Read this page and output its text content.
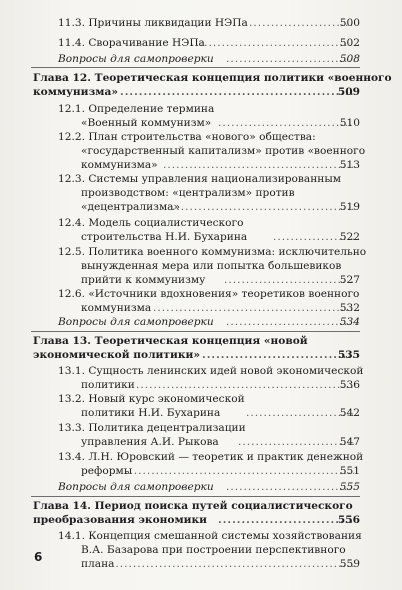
11.3. Причины ликвидации НЭПа .....	500
11.4. Сворачивание НЭПа .....	502
Вопросы для самопроверки .....	508
Глава 12. Теоретическая концепция политики «военного
коммунизма» .....	509
12.1. Определение термина
«Военный коммунизм» .....	510
12.2. План строительства «нового» общества:
«государственный капитализм» против «военного
коммунизма» .....	513
12.3. Системы управления национализированным
производством: «централизм» против
«децентрализма» .....	519
12.4. Модель социалистического
строительства Н.И. Бухарина .....	522
12.5. Политика военного коммунизма: исключительно
вынужденная мера или попытка большевиков
прийти к коммунизму .....	527
12.6. «Источники вдохновения» теоретиков военного
коммунизма .....	532
Вопросы для самопроверки .....	534
Глава 13. Теоретическая концепция «новой
экономической политики» .....	535
13.1. Сущность ленинских идей новой экономической
политики .....	536
13.2. Новый курс экономической
политики Н.И. Бухарина .....	542
13.3. Политика децентрализации
управления А.И. Рыкова .....	547
13.4. Л.Н. Юровский — теоретик и практик денежной
реформы .....	551
Вопросы для самопроверки .....	555
Глава 14. Период поиска путей социалистического
преобразования экономики .....	556
14.1. Концепция смешанной системы хозяйствования
В.А. Базарова при построении перспективного
плана .....	559
6
